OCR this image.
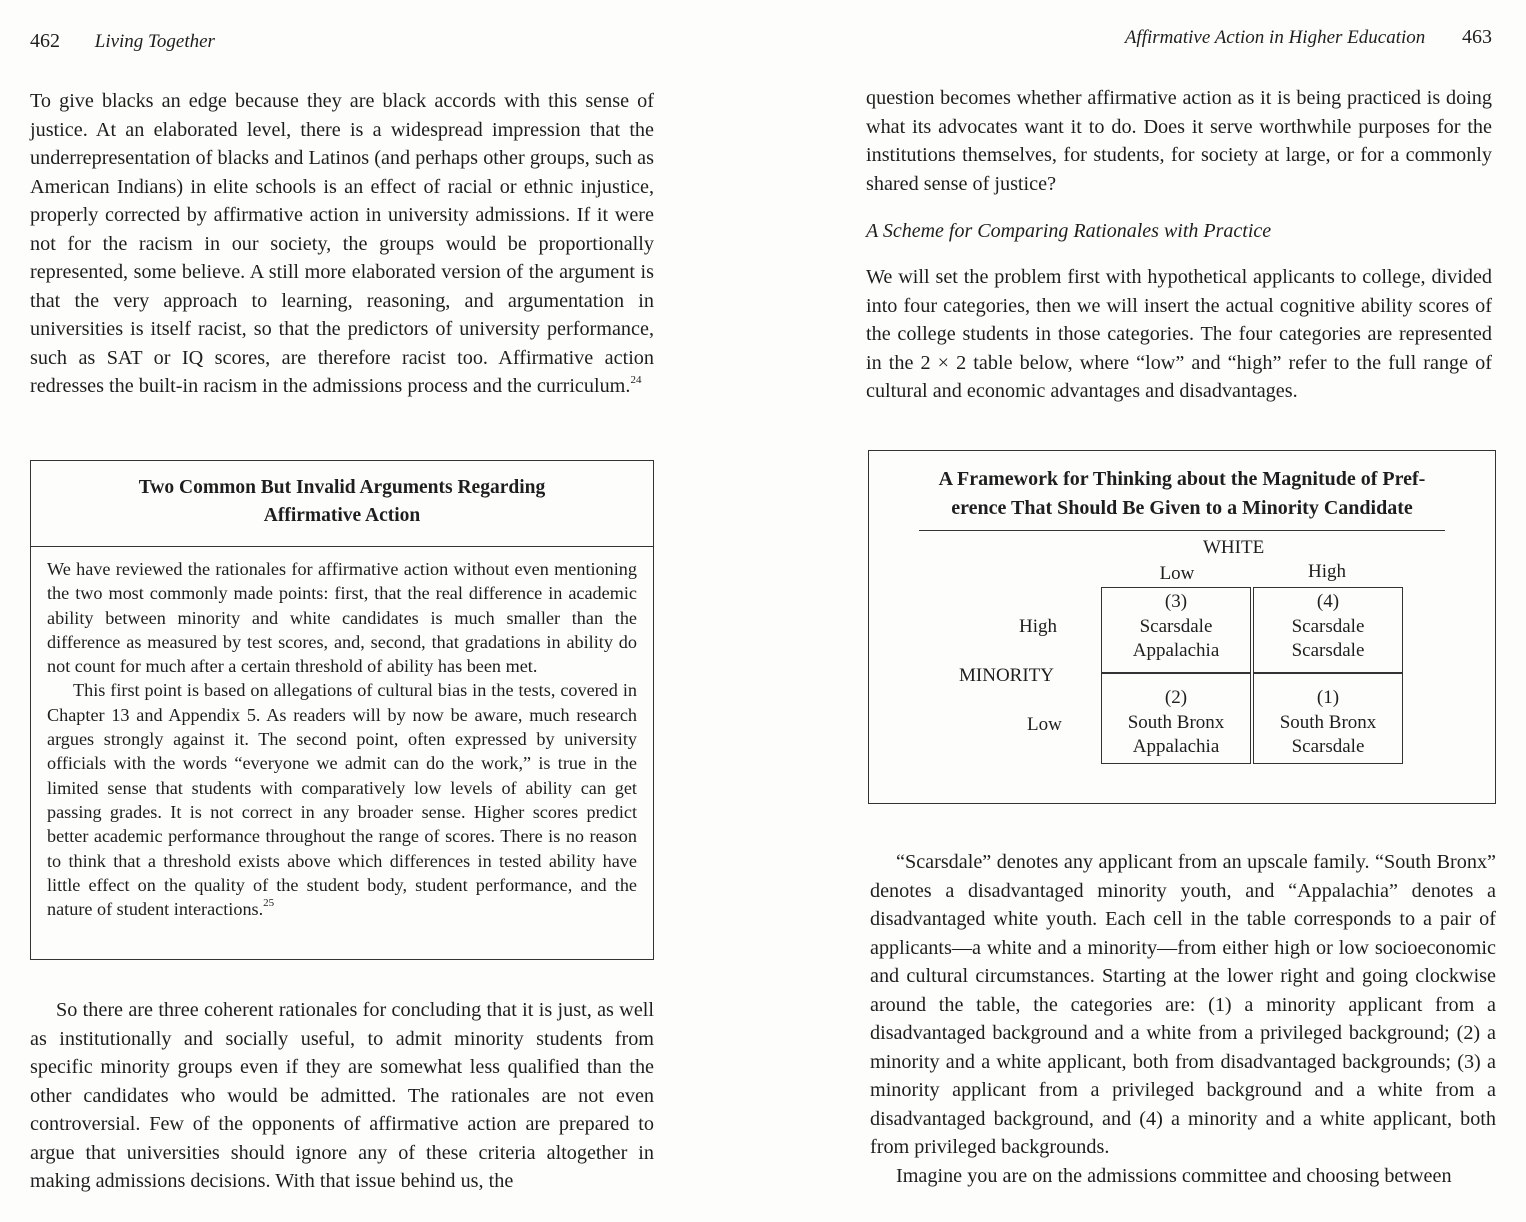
462 Living Together

To give blacks an edge because they are black accords with this sense of justice. At an elaborated level, there is a widespread impression that the underrepresentation of blacks and Latinos (and perhaps other groups, such as American Indians) in elite schools is an effect of racial or ethnic injustice, properly corrected by affirmative action in university admissions. If it were not for the racism in our society, the groups would be proportionally represented, some believe. A still more elaborated version of the argument is that the very approach to learning, reasoning, and argumentation in universities is itself racist, so that the predictors of university performance, such as SAT or IQ scores, are therefore racist too. Affirmative action redresses the built-in racism in the admissions process and the curriculum.$^{24}$

Two Common But Invalid Arguments Regarding
Affirmative Action

We have reviewed the rationales for affirmative action without even mentioning the two most commonly made points: first, that the real difference in academic ability between minority and white candidates is much smaller than the difference as measured by test scores, and, second, that gradations in ability do not count for much after a certain threshold of ability has been met.

This first point is based on allegations of cultural bias in the tests, covered in Chapter 13 and Appendix 5. As readers will by now be aware, much research argues strongly against it. The second point, often expressed by university officials with the words “everyone we admit can do the work,” is true in the limited sense that students with comparatively low levels of ability can get passing grades. It is not correct in any broader sense. Higher scores predict better academic performance throughout the range of scores. There is no reason to think that a threshold exists above which differences in tested ability have little effect on the quality of the student body, student performance, and the nature of student interactions.$^{25}$

So there are three coherent rationales for concluding that it is just, as well as institutionally and socially useful, to admit minority students from specific minority groups even if they are somewhat less qualified than the other candidates who would be admitted. The rationales are not even controversial. Few of the opponents of affirmative action are prepared to argue that universities should ignore any of these criteria altogether in making admissions decisions. With that issue behind us, the

Affirmative Action in Higher Education 463

question becomes whether affirmative action as it is being practiced is doing what its advocates want it to do. Does it serve worthwhile purposes for the institutions themselves, for students, for society at large, or for a commonly shared sense of justice?

A Scheme for Comparing Rationales with Practice

We will set the problem first with hypothetical applicants to college, divided into four categories, then we will insert the actual cognitive ability scores of the college students in those categories. The four categories are represented in the 2 × 2 table below, where “low” and “high” refer to the full range of cultural and economic advantages and disadvantages.

A Framework for Thinking about the Magnitude of Pref-
erence That Should Be Given to a Minority Candidate
WHITE
Low	High
High
MINORITY
Low
(3)
Scarsdale
Appalachia
(4)
Scarsdale
Scarsdale
(2)
South Bronx
Appalachia
(1)
South Bronx
Scarsdale

“Scarsdale” denotes any applicant from an upscale family. “South Bronx” denotes a disadvantaged minority youth, and “Appalachia” denotes a disadvantaged white youth. Each cell in the table corresponds to a pair of applicants—a white and a minority—from either high or low socioeconomic and cultural circumstances. Starting at the lower right and going clockwise around the table, the categories are: (1) a minority applicant from a disadvantaged background and a white from a privileged background; (2) a minority and a white applicant, both from disadvantaged backgrounds; (3) a minority applicant from a privileged background and a white from a disadvantaged background, and (4) a minority and a white applicant, both from privileged backgrounds.

Imagine you are on the admissions committee and choosing between
